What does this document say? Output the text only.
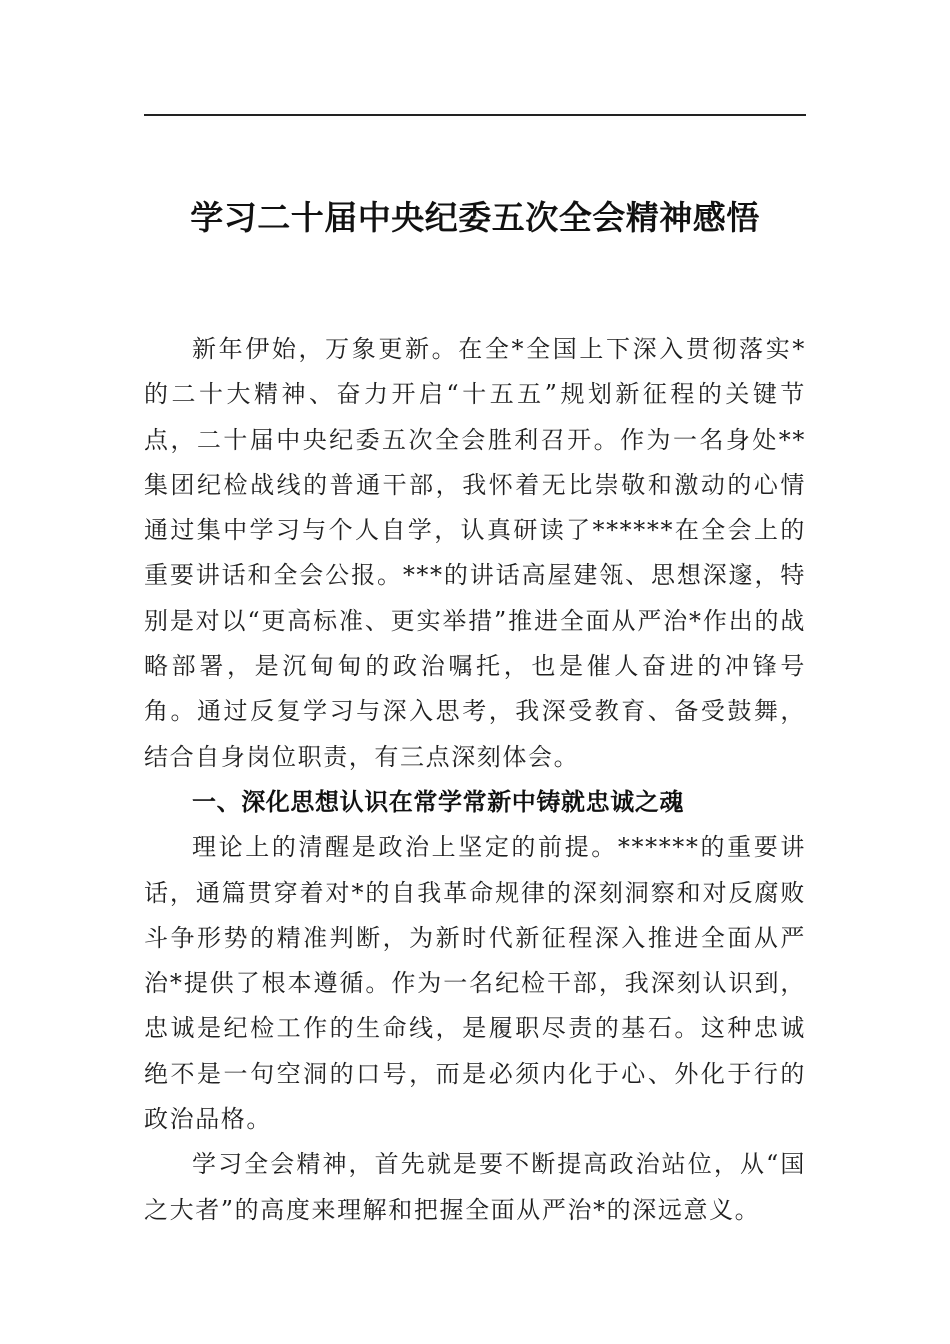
学习二十届中央纪委五次全会精神感悟

新年伊始，万象更新。在全*全国上下深入贯彻落实*的二十大精神、奋力开启“十五五”规划新征程的关键节点，二十届中央纪委五次全会胜利召开。作为一名身处**集团纪检战线的普通干部，我怀着无比崇敬和激动的心情通过集中学习与个人自学，认真研读了******在全会上的重要讲话和全会公报。***的讲话高屋建瓴、思想深邃，特别是对以“更高标准、更实举措”推进全面从严治*作出的战略部署，是沉甸甸的政治嘱托，也是催人奋进的冲锋号角。通过反复学习与深入思考，我深受教育、备受鼓舞，结合自身岗位职责，有三点深刻体会。

一、深化思想认识在常学常新中铸就忠诚之魂

理论上的清醒是政治上坚定的前提。******的重要讲话，通篇贯穿着对*的自我革命规律的深刻洞察和对反腐败斗争形势的精准判断，为新时代新征程深入推进全面从严治*提供了根本遵循。作为一名纪检干部，我深刻认识到，忠诚是纪检工作的生命线，是履职尽责的基石。这种忠诚绝不是一句空洞的口号，而是必须内化于心、外化于行的政治品格。

学习全会精神，首先就是要不断提高政治站位，从“国之大者”的高度来理解和把握全面从严治*的深远意义。
